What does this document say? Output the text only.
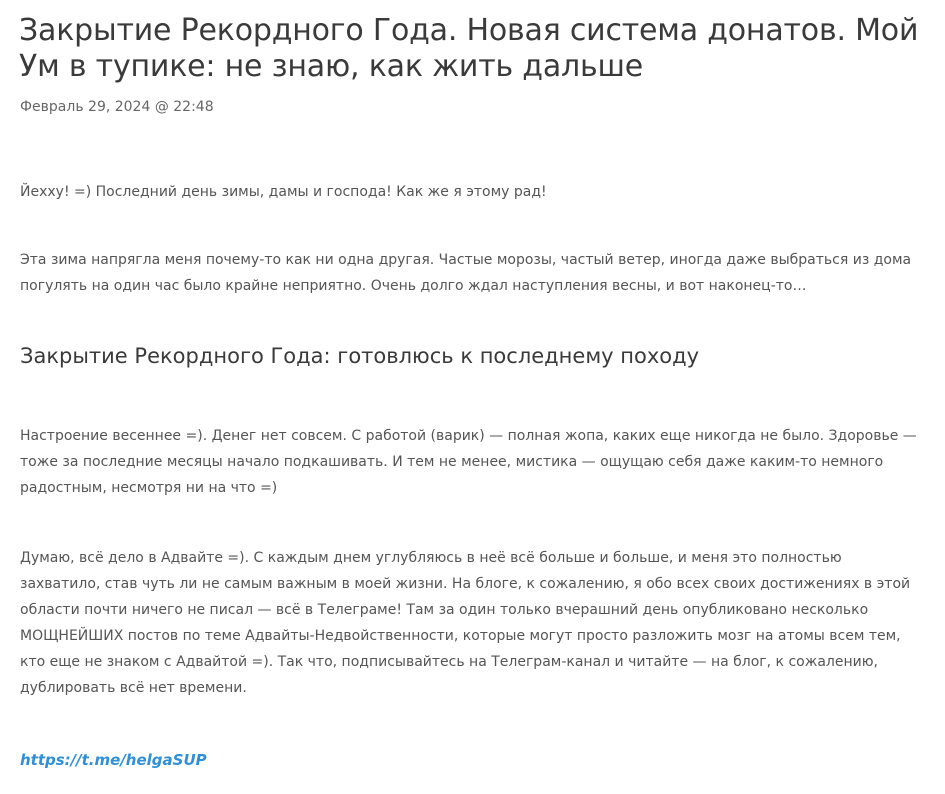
Закрытие Рекордного Года. Новая система донатов. Мой Ум в тупике: не знаю, как жить дальше
Февраль 29, 2024 @ 22:48

Йехху! =) Последний день зимы, дамы и господа! Как же я этому рад!

Эта зима напрягла меня почему-то как ни одна другая. Частые морозы, частый ветер, иногда даже выбраться из дома погулять на один час было крайне неприятно. Очень долго ждал наступления весны, и вот наконец-то…

Закрытие Рекордного Года: готовлюсь к последнему походу

Настроение весеннее =). Денег нет совсем. С работой (варик) — полная жопа, каких еще никогда не было. Здоровье — тоже за последние месяцы начало подкашивать. И тем не менее, мистика — ощущаю себя даже каким-то немного радостным, несмотря ни на что =)

Думаю, всё дело в Адвайте =). С каждым днем углубляюсь в неё всё больше и больше, и меня это полностью захватило, став чуть ли не самым важным в моей жизни. На блоге, к сожалению, я обо всех своих достижениях в этой области почти ничего не писал — всё в Телеграме! Там за один только вчерашний день опубликовано несколько МОЩНЕЙШИХ постов по теме Адвайты-Недвойственности, которые могут просто разложить мозг на атомы всем тем, кто еще не знаком с Адвайтой =). Так что, подписывайтесь на Телеграм-канал и читайте — на блог, к сожалению, дублировать всё нет времени.

https://t.me/helgaSUP
